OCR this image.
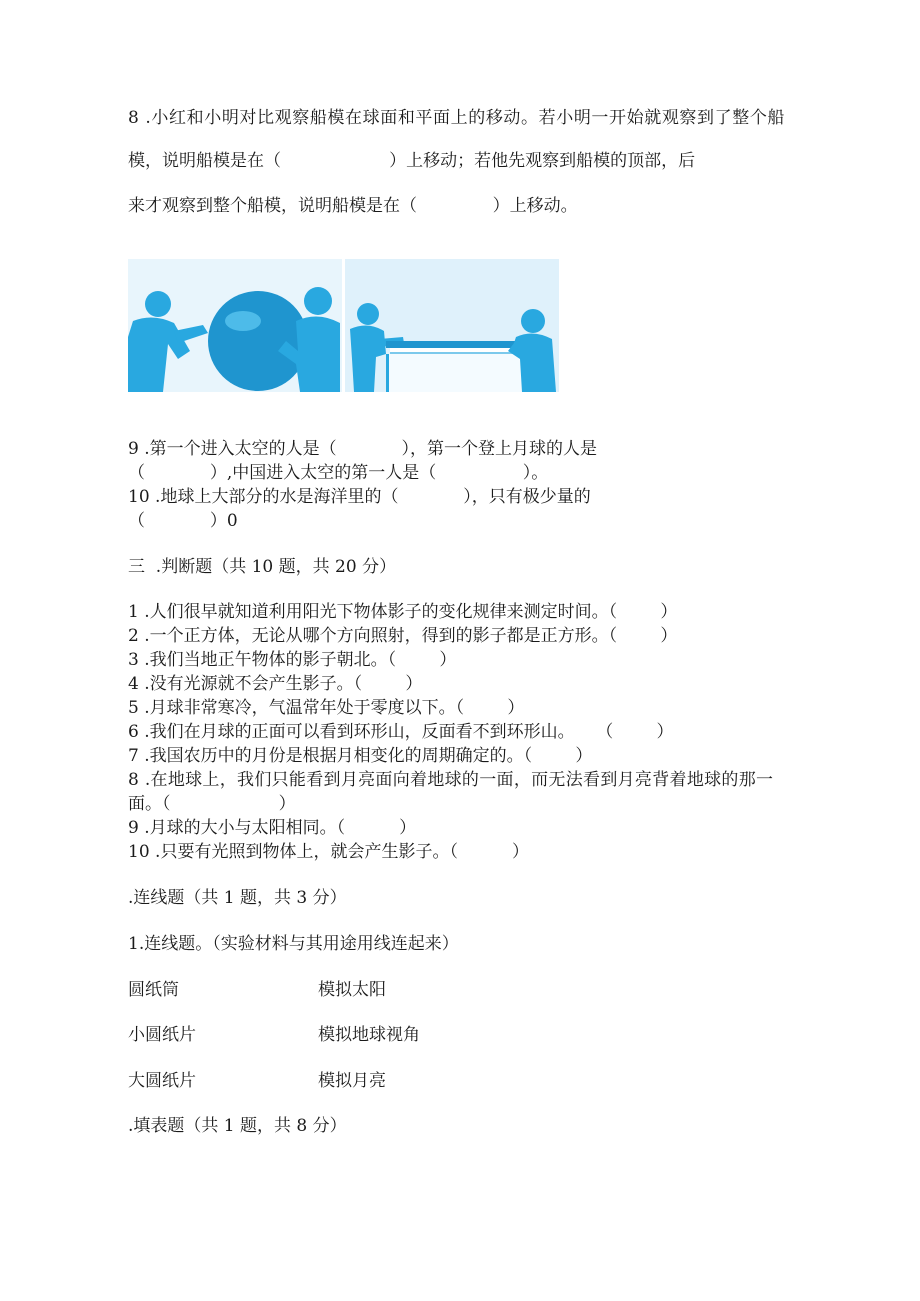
8 .小红和小明对比观察船模在球面和平面上的移动。若小明一开始就观察到了整个船
模，说明船模是在（                    ）上移动；若他先观察到船模的顶部，后
来才观察到整个船模，说明船模是在（              ）上移动。
9 .第一个进入太空的人是（            ），第一个登上月球的人是
（            ）,中国进入太空的第一人是（                ）。
10 .地球上大部分的水是海洋里的（            ），只有极少量的
（            ）0
三  .判断题（共 10 题，共 20 分）
1 .人们很早就知道利用阳光下物体影子的变化规律来测定时间。（        ）
2 .一个正方体，无论从哪个方向照射，得到的影子都是正方形。（        ）
3 .我们当地正午物体的影子朝北。（        ）
4 .没有光源就不会产生影子。（        ）
5 .月球非常寒冷，气温常年处于零度以下。（        ）
6 .我们在月球的正面可以看到环形山，反面看不到环形山。    （        ）
7 .我国农历中的月份是根据月相变化的周期确定的。（        ）
8 .在地球上，我们只能看到月亮面向着地球的一面，而无法看到月亮背着地球的那一
面。（                    ）
9 .月球的大小与太阳相同。（          ）
10 .只要有光照到物体上，就会产生影子。（          ）
.连线题（共 1 题，共 3 分）
1.连线题。（实验材料与其用途用线连起来）
圆纸筒	模拟太阳
小圆纸片	模拟地球视角
大圆纸片	模拟月亮
.填表题（共 1 题，共 8 分）
